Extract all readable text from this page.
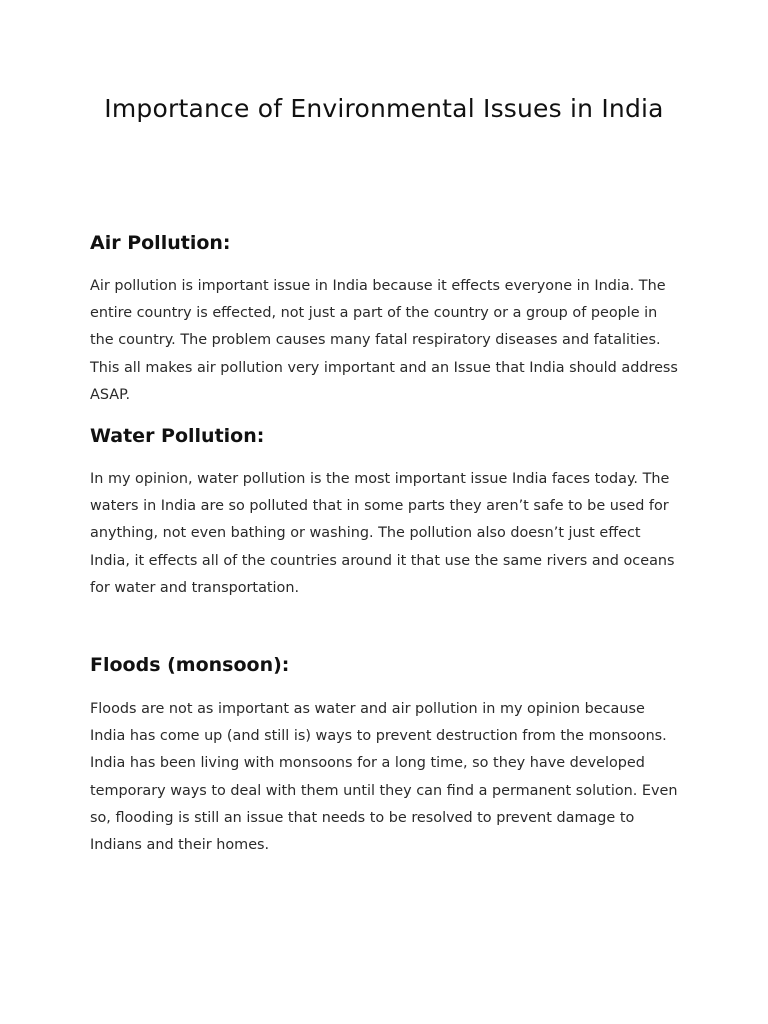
Importance of Environmental Issues in India
Air Pollution:

Air pollution is important issue in India because it effects everyone in India. The entire country is effected, not just a part of the country or a group of people in the country. The problem causes many fatal respiratory diseases and fatalities. This all makes air pollution very important and an Issue that India should address ASAP.

Water Pollution:

In my opinion, water pollution is the most important issue India faces today. The waters in India are so polluted that in some parts they aren’t safe to be used for anything, not even bathing or washing. The pollution also doesn’t just effect India, it effects all of the countries around it that use the same rivers and oceans for water and transportation.

Floods (monsoon):

Floods are not as important as water and air pollution in my opinion because India has come up (and still is) ways to prevent destruction from the monsoons. India has been living with monsoons for a long time, so they have developed temporary ways to deal with them until they can find a permanent solution. Even so, flooding is still an issue that needs to be resolved to prevent damage to Indians and their homes.
